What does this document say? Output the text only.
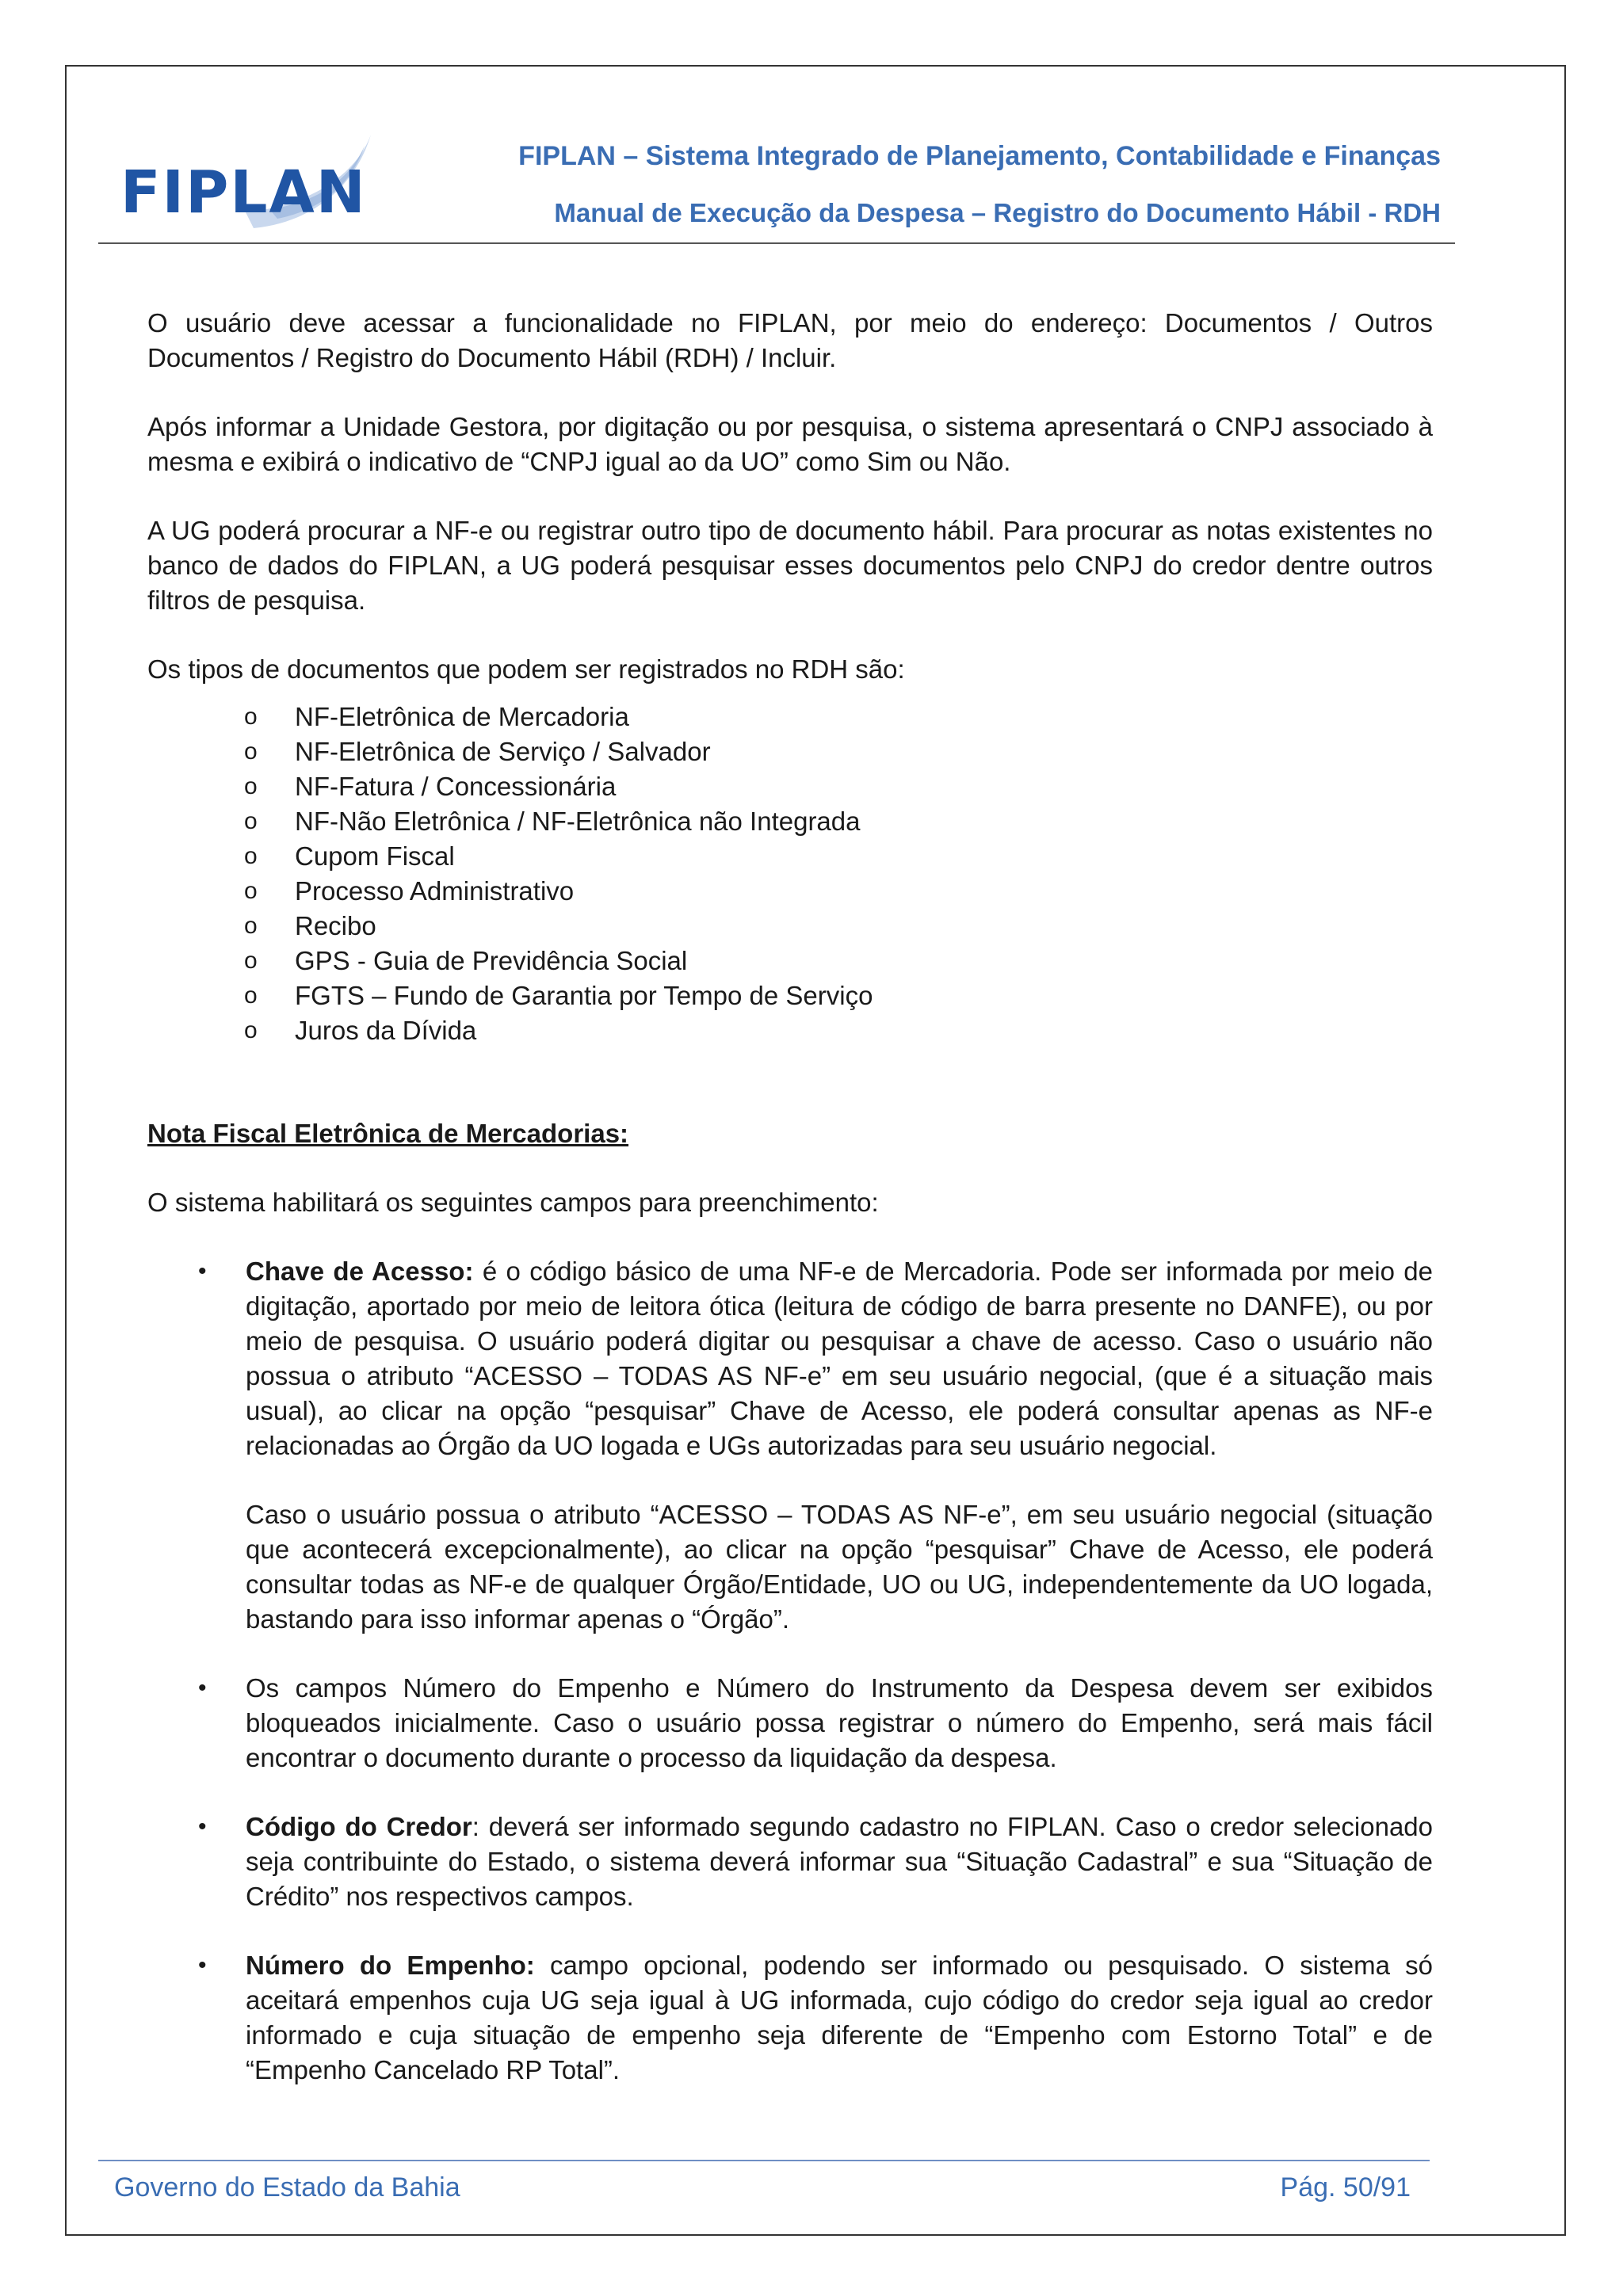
FIPLAN
FIPLAN – Sistema Integrado de Planejamento, Contabilidade e Finanças
Manual de Execução da Despesa – Registro do Documento Hábil - RDH

O usuário deve acessar a funcionalidade no FIPLAN, por meio do endereço: Documentos / Outros Documentos / Registro do Documento Hábil (RDH) / Incluir.

Após informar a Unidade Gestora, por digitação ou por pesquisa, o sistema apresentará o CNPJ associado à mesma e exibirá o indicativo de “CNPJ igual ao da UO” como Sim ou Não.

A UG poderá procurar a NF-e ou registrar outro tipo de documento hábil. Para procurar as notas existentes no banco de dados do FIPLAN, a UG poderá pesquisar esses documentos pelo CNPJ do credor dentre outros filtros de pesquisa.

Os tipos de documentos que podem ser registrados no RDH são:

o NF-Eletrônica de Mercadoria
o NF-Eletrônica de Serviço / Salvador
o NF-Fatura / Concessionária
o NF-Não Eletrônica / NF-Eletrônica não Integrada
o Cupom Fiscal
o Processo Administrativo
o Recibo
o GPS - Guia de Previdência Social
o FGTS – Fundo de Garantia por Tempo de Serviço
o Juros da Dívida
Nota Fiscal Eletrônica de Mercadorias:

O sistema habilitará os seguintes campos para preenchimento:

• Chave de Acesso: é o código básico de uma NF-e de Mercadoria. Pode ser informada por meio de digitação, aportado por meio de leitora ótica (leitura de código de barra presente no DANFE), ou por meio de pesquisa. O usuário poderá digitar ou pesquisar a chave de acesso. Caso o usuário não possua o atributo “ACESSO – TODAS AS NF-e” em seu usuário negocial, (que é a situação mais usual), ao clicar na opção “pesquisar” Chave de Acesso, ele poderá consultar apenas as NF-e relacionadas ao Órgão da UO logada e UGs autorizadas para seu usuário negocial.

Caso o usuário possua o atributo “ACESSO – TODAS AS NF-e”, em seu usuário negocial (situação que acontecerá excepcionalmente), ao clicar na opção “pesquisar” Chave de Acesso, ele poderá consultar todas as NF-e de qualquer Órgão/Entidade, UO ou UG, independentemente da UO logada, bastando para isso informar apenas o “Órgão”.

• Os campos Número do Empenho e Número do Instrumento da Despesa devem ser exibidos bloqueados inicialmente. Caso o usuário possa registrar o número do Empenho, será mais fácil encontrar o documento durante o processo da liquidação da despesa.

• Código do Credor: deverá ser informado segundo cadastro no FIPLAN. Caso o credor selecionado seja contribuinte do Estado, o sistema deverá informar sua “Situação Cadastral” e sua “Situação de Crédito” nos respectivos campos.

• Número do Empenho: campo opcional, podendo ser informado ou pesquisado. O sistema só aceitará empenhos cuja UG seja igual à UG informada, cujo código do credor seja igual ao credor informado e cuja situação de empenho seja diferente de “Empenho com Estorno Total” e de “Empenho Cancelado RP Total”.

Governo do Estado da Bahia	Pág. 50/91
